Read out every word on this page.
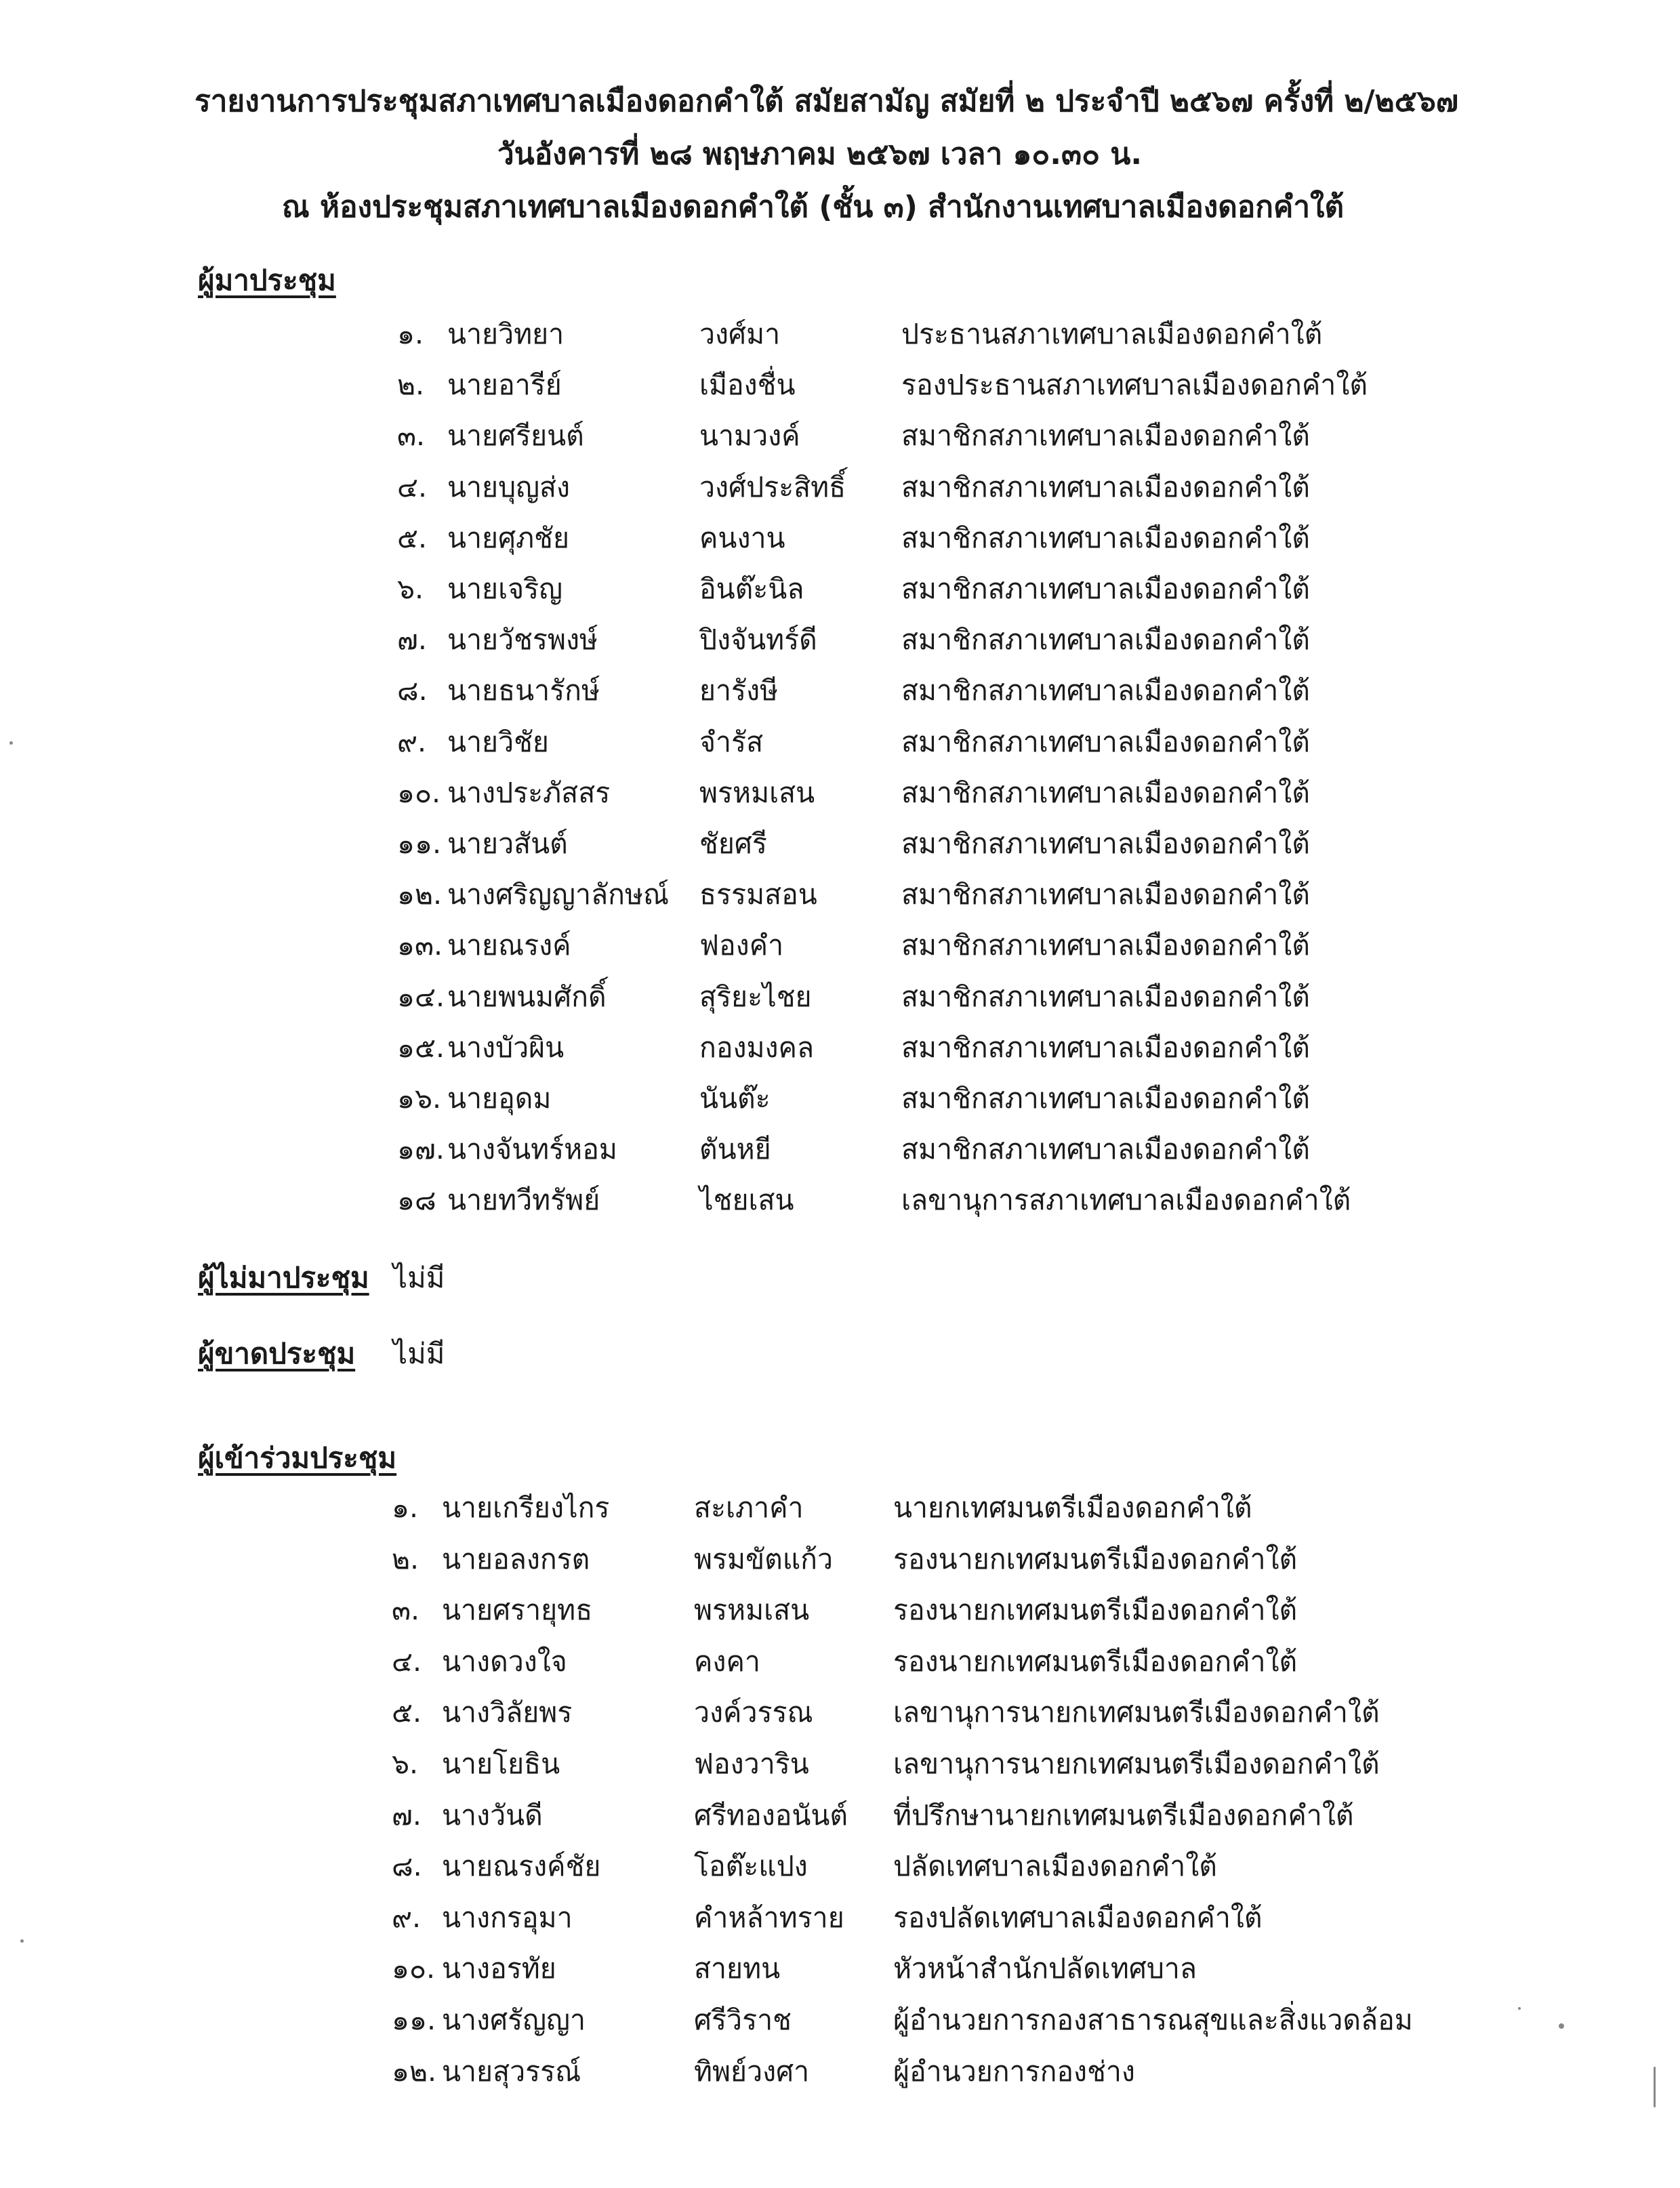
รายงานการประชุมสภาเทศบาลเมืองดอกคำใต้ สมัยสามัญ สมัยที่ ๒ ประจำปี ๒๕๖๗ ครั้งที่ ๒/๒๕๖๗
วันอังคารที่ ๒๘ พฤษภาคม ๒๕๖๗ เวลา ๑๐.๓๐ น.
ณ ห้องประชุมสภาเทศบาลเมืองดอกคำใต้ (ชั้น ๓) สำนักงานเทศบาลเมืองดอกคำใต้
ผู้มาประชุม
๑. นายวิทยา	วงศ์มา	ประธานสภาเทศบาลเมืองดอกคำใต้
๒. นายอารีย์	เมืองชื่น	รองประธานสภาเทศบาลเมืองดอกคำใต้
๓. นายศรียนต์	นามวงค์	สมาชิกสภาเทศบาลเมืองดอกคำใต้
๔. นายบุญส่ง	วงศ์ประสิทธิ์ สมาชิกสภาเทศบาลเมืองดอกคำใต้
๕. นายศุภชัย	คนงาน	สมาชิกสภาเทศบาลเมืองดอกคำใต้
๖. นายเจริญ	อินต๊ะนิล	สมาชิกสภาเทศบาลเมืองดอกคำใต้
๗. นายวัชรพงษ์	ปิงจันทร์ดี	สมาชิกสภาเทศบาลเมืองดอกคำใต้
๘. นายธนารักษ์	ยารังษี	สมาชิกสภาเทศบาลเมืองดอกคำใต้
๙. นายวิชัย	จำรัส	สมาชิกสภาเทศบาลเมืองดอกคำใต้
๑๐. นางประภัสสร	พรหมเสน	สมาชิกสภาเทศบาลเมืองดอกคำใต้
๑๑. นายวสันต์	ชัยศรี	สมาชิกสภาเทศบาลเมืองดอกคำใต้
๑๒. นางศริญญาลักษณ์ ธรรมสอน	สมาชิกสภาเทศบาลเมืองดอกคำใต้
๑๓. นายณรงค์	ฟองคำ	สมาชิกสภาเทศบาลเมืองดอกคำใต้
๑๔. นายพนมศักดิ์	สุริยะไชย	สมาชิกสภาเทศบาลเมืองดอกคำใต้
๑๕. นางบัวผิน	กองมงคล	สมาชิกสภาเทศบาลเมืองดอกคำใต้
๑๖. นายอุดม	นันต๊ะ	สมาชิกสภาเทศบาลเมืองดอกคำใต้
๑๗. นางจันทร์หอม	ตันหยี	สมาชิกสภาเทศบาลเมืองดอกคำใต้
๑๘ นายทวีทรัพย์	ไชยเสน	เลขานุการสภาเทศบาลเมืองดอกคำใต้
ผู้ไม่มาประชุม ไม่มี
ผู้ขาดประชุม ไม่มี
ผู้เข้าร่วมประชุม
๑. นายเกรียงไกร	สะเภาคำ	นายกเทศมนตรีเมืองดอกคำใต้
๒. นายอลงกรต	พรมขัตแก้ว รองนายกเทศมนตรีเมืองดอกคำใต้
๓. นายศรายุทธ	พรหมเสน	รองนายกเทศมนตรีเมืองดอกคำใต้
๔. นางดวงใจ	คงคา	รองนายกเทศมนตรีเมืองดอกคำใต้
๕. นางวิลัยพร	วงค์วรรณ	เลขานุการนายกเทศมนตรีเมืองดอกคำใต้
๖. นายโยธิน	ฟองวาริน	เลขานุการนายกเทศมนตรีเมืองดอกคำใต้
๗. นางวันดี	ศรีทองอนันต์ ที่ปรึกษานายกเทศมนตรีเมืองดอกคำใต้
๘. นายณรงค์ชัย	โอต๊ะแปง	ปลัดเทศบาลเมืองดอกคำใต้
๙. นางกรอุมา	คำหล้าทราย รองปลัดเทศบาลเมืองดอกคำใต้
๑๐. นางอรทัย	สายทน	หัวหน้าสำนักปลัดเทศบาล
๑๑. นางศรัญญา	ศรีวิราช	ผู้อำนวยการกองสาธารณสุขและสิ่งแวดล้อม
๑๒. นายสุวรรณ์	ทิพย์วงศา	ผู้อำนวยการกองช่าง
